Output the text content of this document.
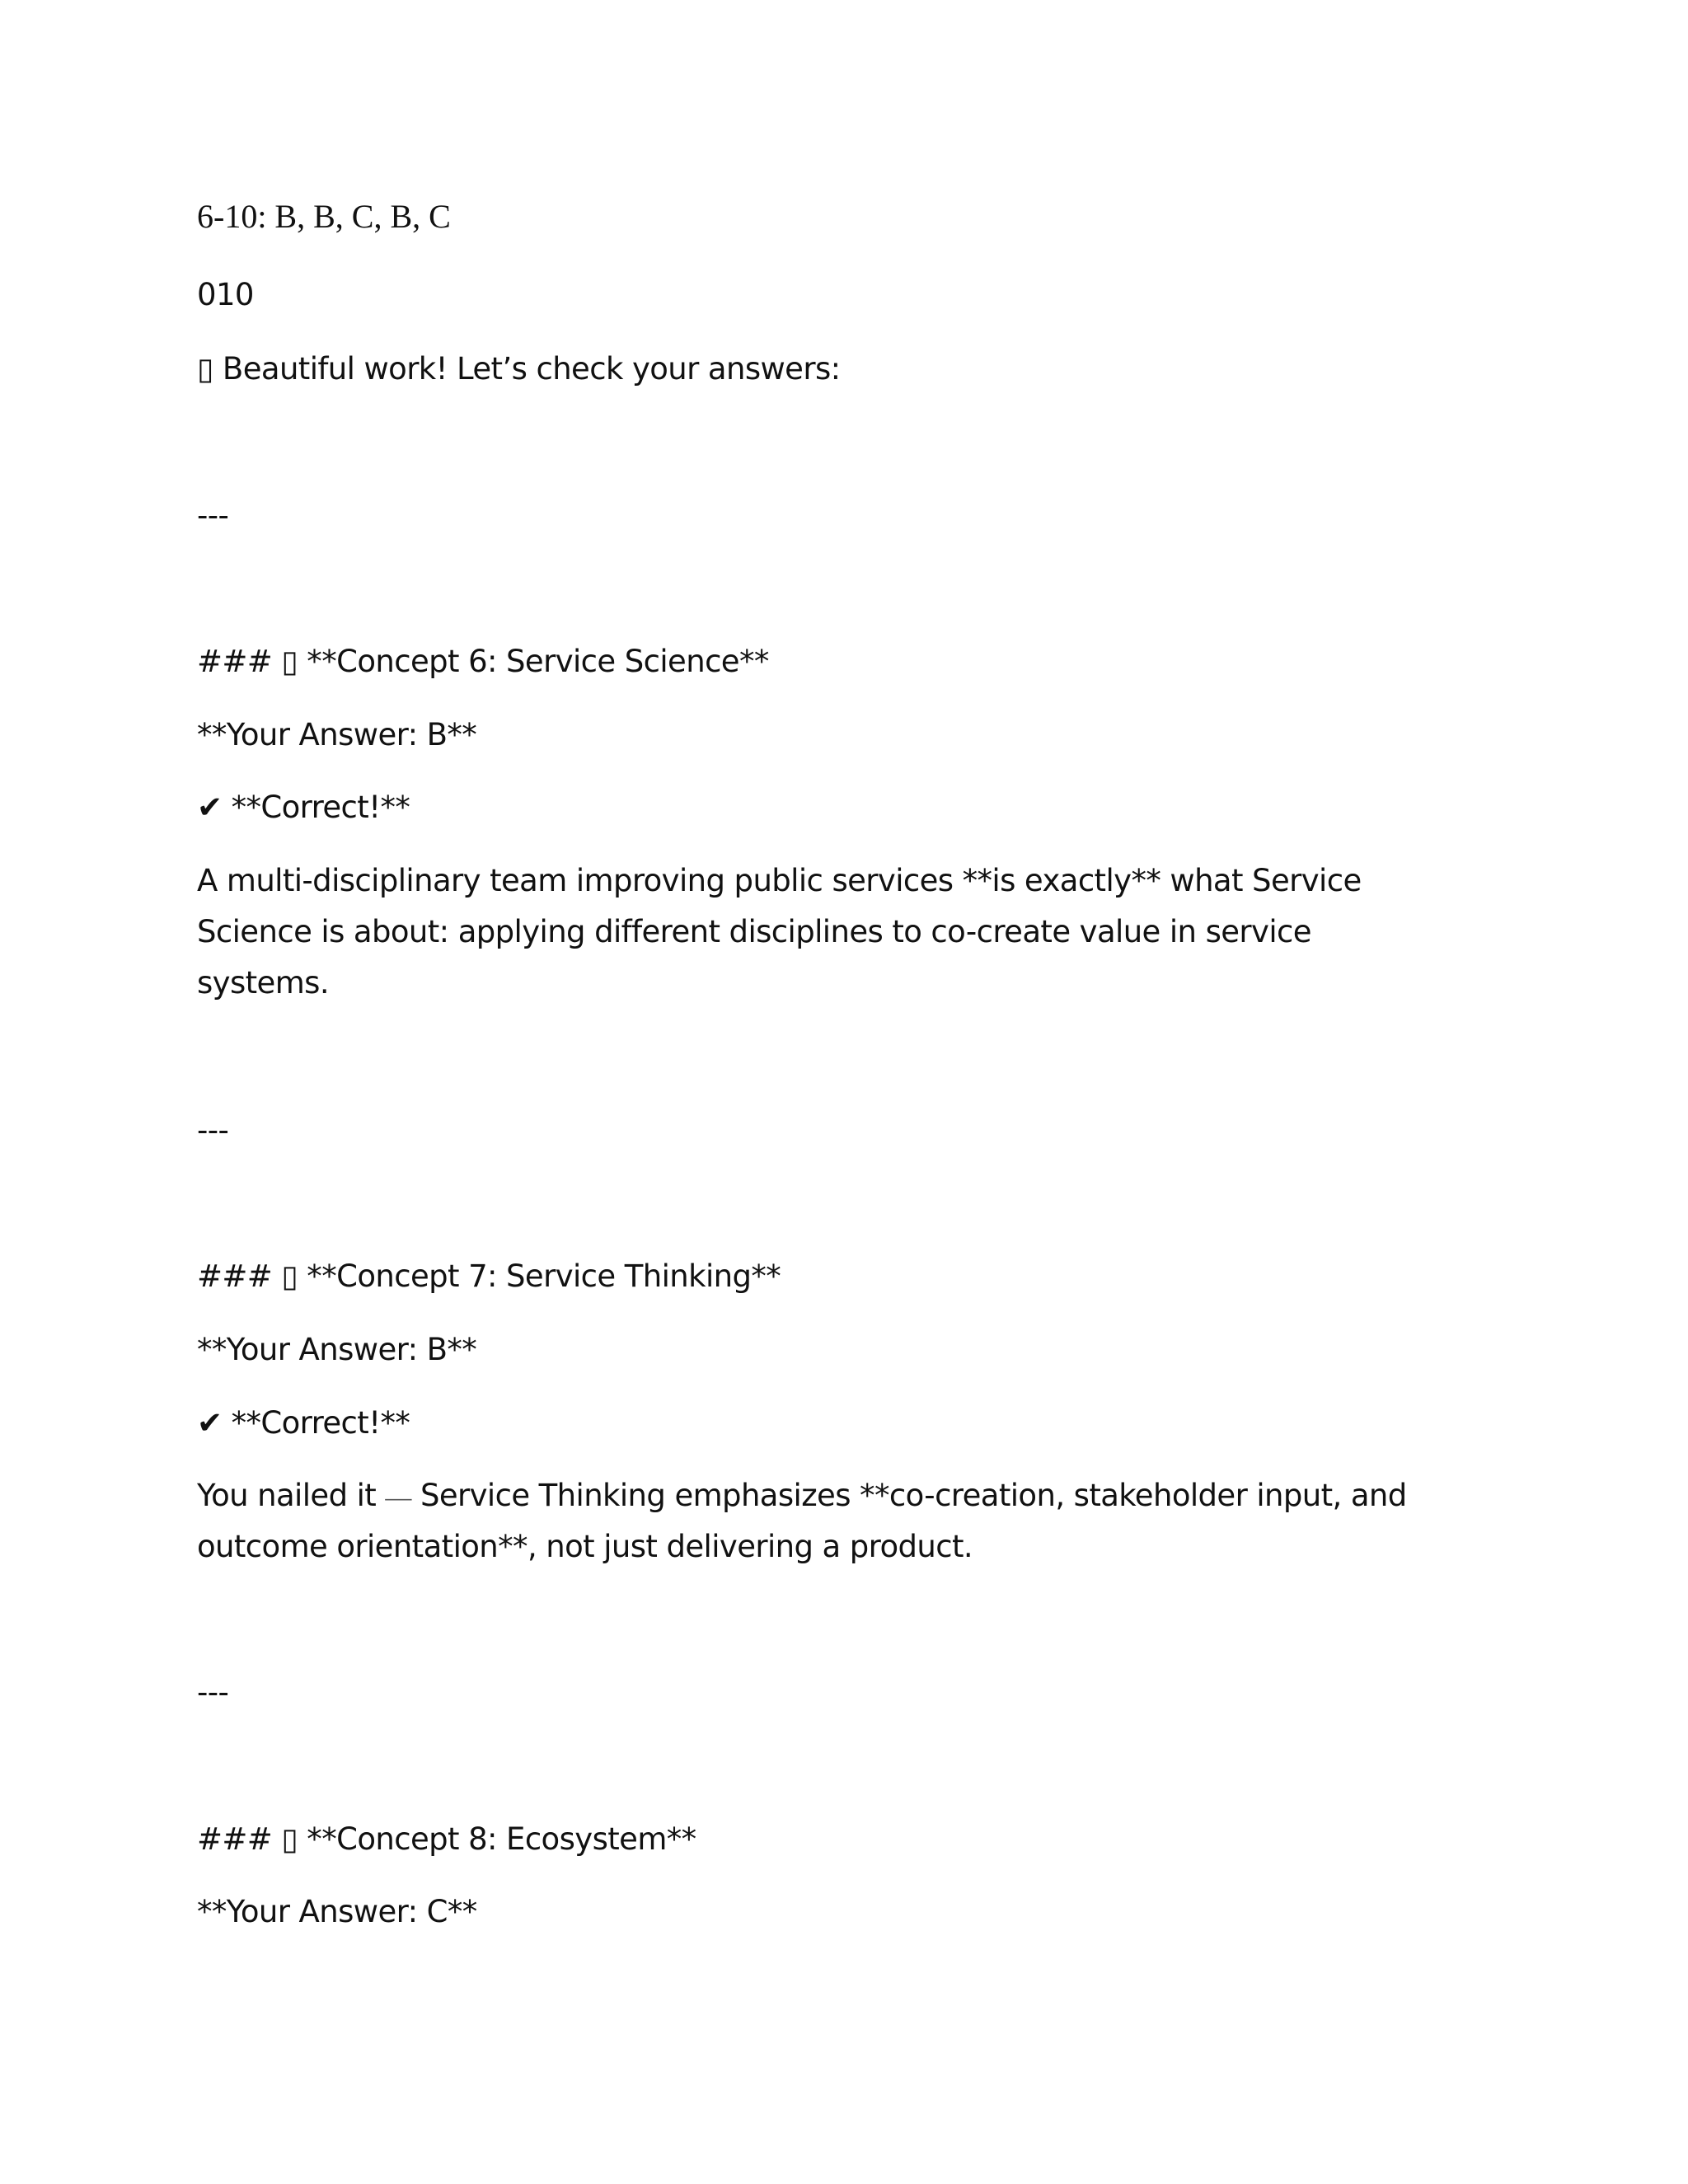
6-10: B, B, C, B, C
010
▯ Beautiful work! Let’s check your answers:
---
### ▯ **Concept 6: Service Science**
**Your Answer: B**
✔ **Correct!**
A multi-disciplinary team improving public services **is exactly** what Service
Science is about: applying different disciplines to co-create value in service
systems.
---
### ▯ **Concept 7: Service Thinking**
**Your Answer: B**
✔ **Correct!**
You nailed it — Service Thinking emphasizes **co-creation, stakeholder input, and
outcome orientation**, not just delivering a product.
---
### ▯ **Concept 8: Ecosystem**
**Your Answer: C**
